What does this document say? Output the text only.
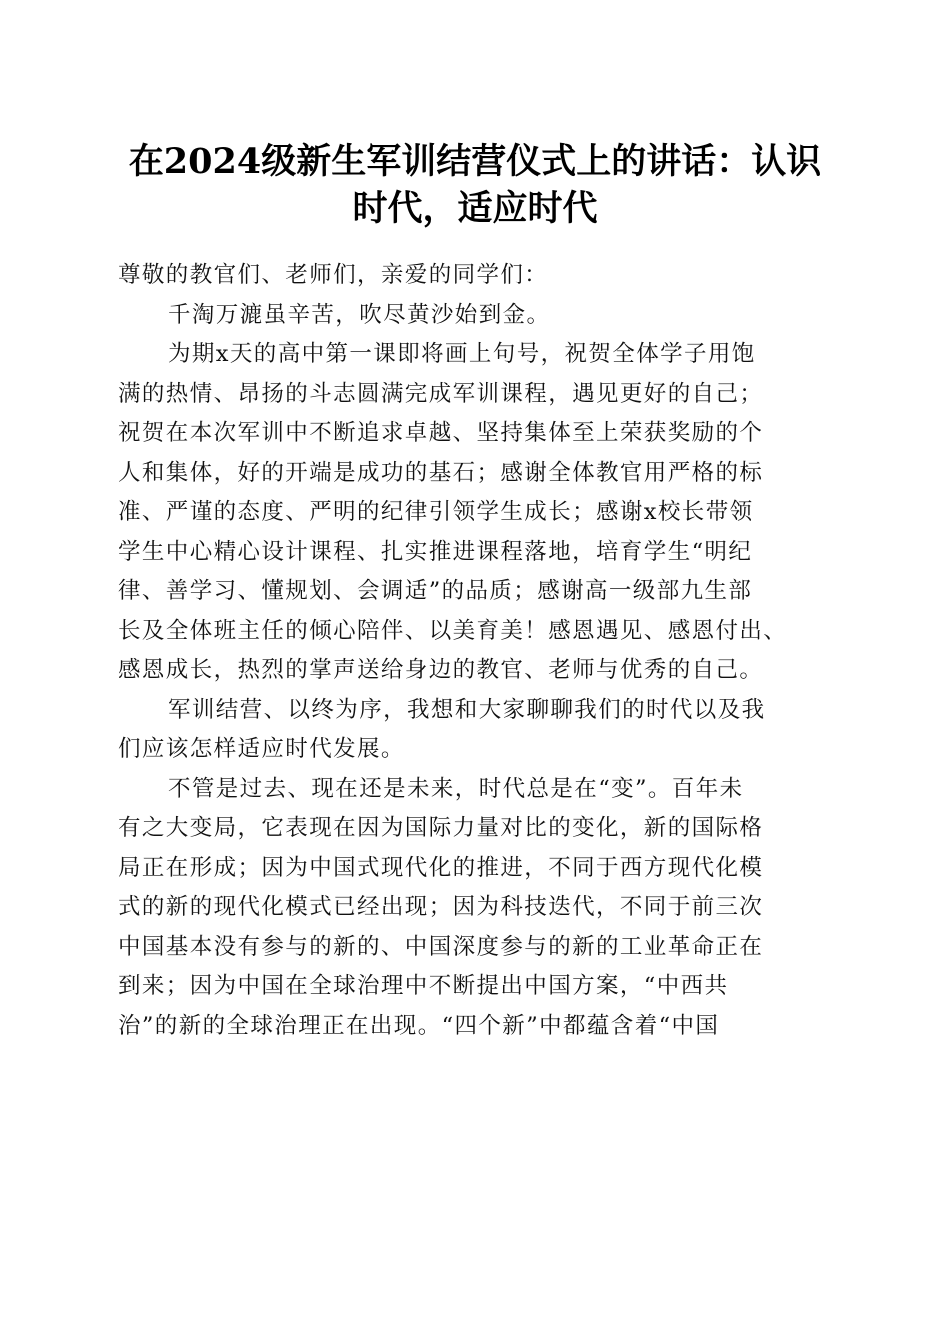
在2024级新生军训结营仪式上的讲话：认识
时代，适应时代

尊敬的教官们、老师们，亲爱的同学们：

千淘万漉虽辛苦，吹尽黄沙始到金。

为期x天的高中第一课即将画上句号，祝贺全体学子用饱
满的热情、昂扬的斗志圆满完成军训课程，遇见更好的自己；
祝贺在本次军训中不断追求卓越、坚持集体至上荣获奖励的个
人和集体，好的开端是成功的基石；感谢全体教官用严格的标
准、严谨的态度、严明的纪律引领学生成长；感谢x校长带领
学生中心精心设计课程、扎实推进课程落地，培育学生“明纪
律、善学习、懂规划、会调适”的品质；感谢高一级部九生部
长及全体班主任的倾心陪伴、以美育美！感恩遇见、感恩付出、
感恩成长，热烈的掌声送给身边的教官、老师与优秀的自己。

军训结营、以终为序，我想和大家聊聊我们的时代以及我
们应该怎样适应时代发展。

不管是过去、现在还是未来，时代总是在“变”。百年未
有之大变局，它表现在因为国际力量对比的变化，新的国际格
局正在形成；因为中国式现代化的推进，不同于西方现代化模
式的新的现代化模式已经出现；因为科技迭代，不同于前三次
中国基本没有参与的新的、中国深度参与的新的工业革命正在
到来；因为中国在全球治理中不断提出中国方案，“中西共
治”的新的全球治理正在出现。“四个新”中都蕴含着“中国
